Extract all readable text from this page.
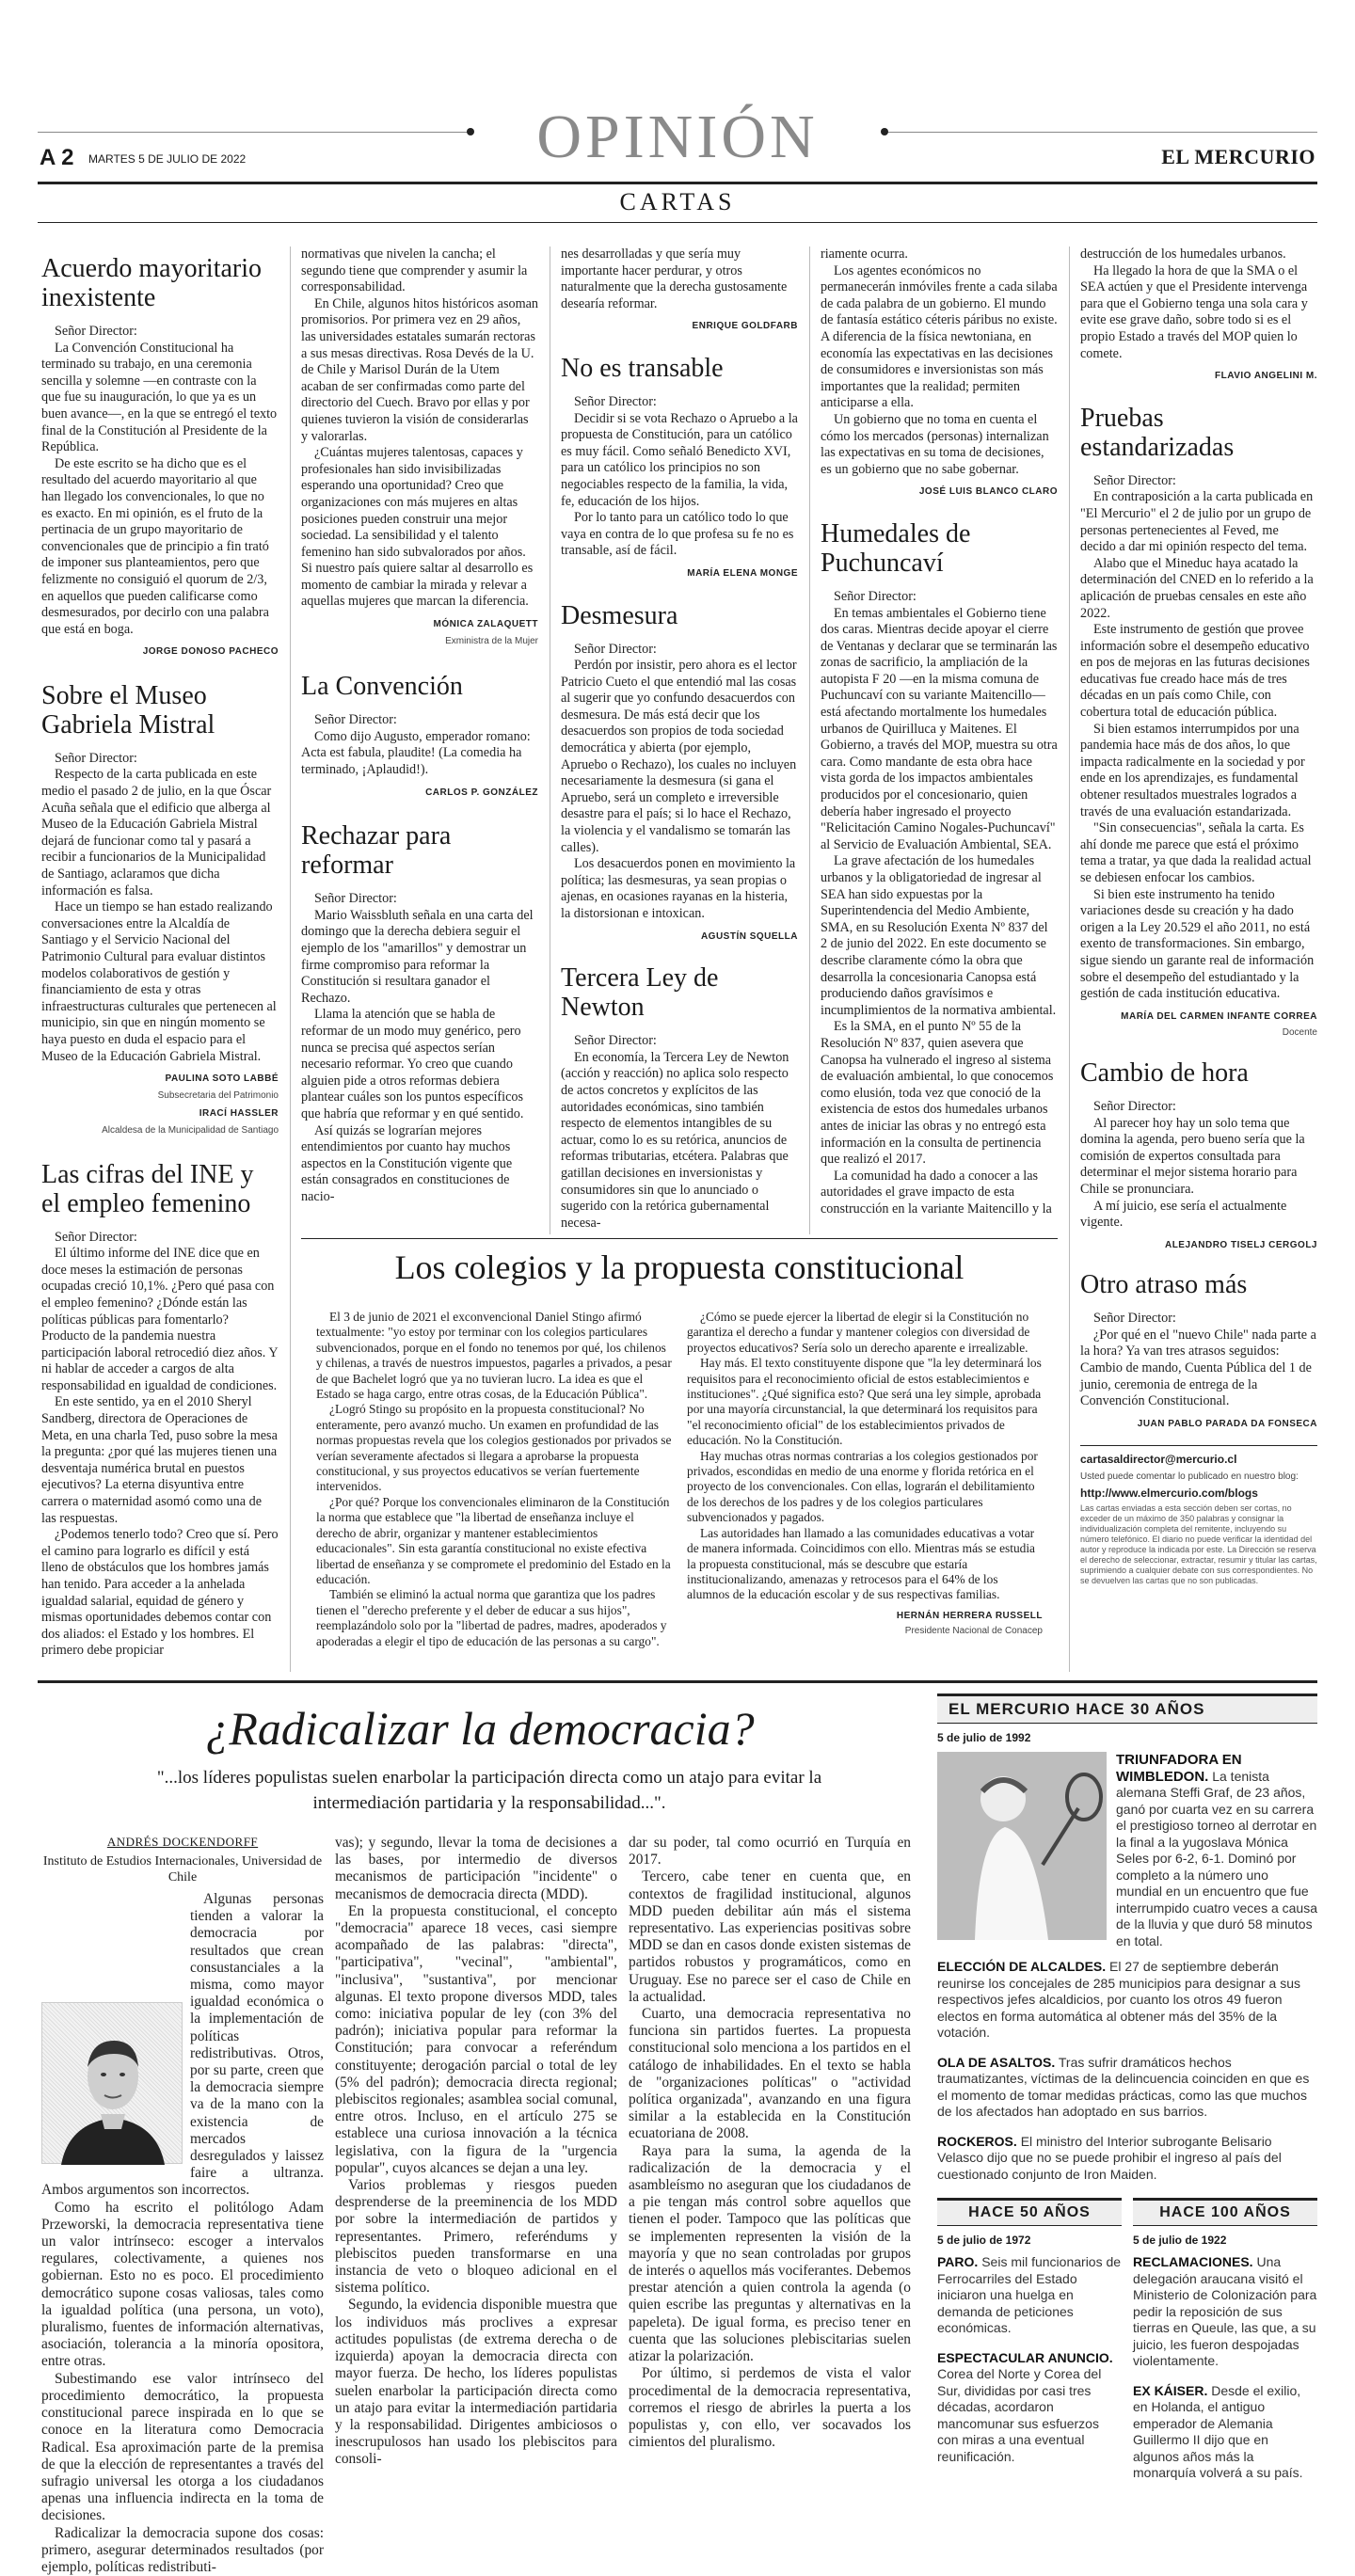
OPINIÓN
A 2 MARTES 5 DE JULIO DE 2022	EL MERCURIO
CARTAS
Acuerdo mayoritario inexistente

Señor Director:

La Convención Constitucional ha terminado su trabajo, en una ceremonia sencilla y solemne —en contraste con la que fue su inauguración, lo que ya es un buen avance—, en la que se entregó el texto final de la Constitución al Presidente de la República.

De este escrito se ha dicho que es el resultado del acuerdo mayoritario al que han llegado los convencionales, lo que no es exacto. En mi opinión, es el fruto de la pertinacia de un grupo mayoritario de convencionales que de principio a fin trató de imponer sus planteamientos, pero que felizmente no consiguió el quorum de 2/3, en aquellos que pueden calificarse como desmesurados, por decirlo con una palabra que está en boga.

JORGE DONOSO PACHECO
Sobre el Museo Gabriela Mistral

Señor Director:

Respecto de la carta publicada en este medio el pasado 2 de julio, en la que Óscar Acuña señala que el edificio que alberga al Museo de la Educación Gabriela Mistral dejará de funcionar como tal y pasará a recibir a funcionarios de la Municipalidad de Santiago, aclaramos que dicha información es falsa.

Hace un tiempo se han estado realizando conversaciones entre la Alcaldía de Santiago y el Servicio Nacional del Patrimonio Cultural para evaluar distintos modelos colaborativos de gestión y financiamiento de esta y otras infraestructuras culturales que pertenecen al municipio, sin que en ningún momento se haya puesto en duda el espacio para el Museo de la Educación Gabriela Mistral.

PAULINA SOTO LABBÉ
Subsecretaria del Patrimonio
IRACÍ HASSLER
Alcaldesa de la Municipalidad de Santiago
Las cifras del INE y el empleo femenino

Señor Director:

El último informe del INE dice que en doce meses la estimación de personas ocupadas creció 10,1%. ¿Pero qué pasa con el empleo femenino? ¿Dónde están las políticas públicas para fomentarlo? Producto de la pandemia nuestra participación laboral retrocedió diez años. Y ni hablar de acceder a cargos de alta responsabilidad en igualdad de condiciones.

En este sentido, ya en el 2010 Sheryl Sandberg, directora de Operaciones de Meta, en una charla Ted, puso sobre la mesa la pregunta: ¿por qué las mujeres tienen una desventaja numérica brutal en puestos ejecutivos? La eterna disyuntiva entre carrera o maternidad asomó como una de las respuestas.

¿Podemos tenerlo todo? Creo que sí. Pero el camino para lograrlo es difícil y está lleno de obstáculos que los hombres jamás han tenido. Para acceder a la anhelada igualdad salarial, equidad de género y mismas oportunidades debemos contar con dos aliados: el Estado y los hombres. El primero debe propiciar

normativas que nivelen la cancha; el segundo tiene que comprender y asumir la corresponsabilidad.

En Chile, algunos hitos históricos asoman promisorios. Por primera vez en 29 años, las universidades estatales sumarán rectoras a sus mesas directivas. Rosa Devés de la U. de Chile y Marisol Durán de la Utem acaban de ser confirmadas como parte del directorio del Cuech. Bravo por ellas y por quienes tuvieron la visión de considerarlas y valorarlas.

¿Cuántas mujeres talentosas, capaces y profesionales han sido invisibilizadas esperando una oportunidad? Creo que organizaciones con más mujeres en altas posiciones pueden construir una mejor sociedad. La sensibilidad y el talento femenino han sido subvalorados por años. Si nuestro país quiere saltar al desarrollo es momento de cambiar la mirada y relevar a aquellas mujeres que marcan la diferencia.

MÓNICA ZALAQUETT
Exministra de la Mujer
La Convención

Señor Director:

Como dijo Augusto, emperador romano: Acta est fabula, plaudite! (La comedia ha terminado, ¡Aplaudid!).

CARLOS P. GONZÁLEZ
Rechazar para reformar

Señor Director:

Mario Waissbluth señala en una carta del domingo que la derecha debiera seguir el ejemplo de los "amarillos" y demostrar un firme compromiso para reformar la Constitución si resultara ganador el Rechazo.

Llama la atención que se habla de reformar de un modo muy genérico, pero nunca se precisa qué aspectos serían necesario reformar. Yo creo que cuando alguien pide a otros reformas debiera plantear cuáles son los puntos específicos que habría que reformar y en qué sentido.

Así quizás se lograrían mejores entendimientos por cuanto hay muchos aspectos en la Constitución vigente que están consagrados en constituciones de nacio-

nes desarrolladas y que sería muy importante hacer perdurar, y otros naturalmente que la derecha gustosamente desearía reformar.

ENRIQUE GOLDFARB
No es transable

Señor Director:

Decidir si se vota Rechazo o Apruebo a la propuesta de Constitución, para un católico es muy fácil. Como señaló Benedicto XVI, para un católico los principios no son negociables respecto de la familia, la vida, fe, educación de los hijos.

Por lo tanto para un católico todo lo que vaya en contra de lo que profesa su fe no es transable, así de fácil.

MARÍA ELENA MONGE
Desmesura

Señor Director:

Perdón por insistir, pero ahora es el lector Patricio Cueto el que entendió mal las cosas al sugerir que yo confundo desacuerdos con desmesura. De más está decir que los desacuerdos son propios de toda sociedad democrática y abierta (por ejemplo, Apruebo o Rechazo), los cuales no incluyen necesariamente la desmesura (si gana el Apruebo, será un completo e irreversible desastre para el país; si lo hace el Rechazo, la violencia y el vandalismo se tomarán las calles).

Los desacuerdos ponen en movimiento la política; las desmesuras, ya sean propias o ajenas, en ocasiones rayanas en la histeria, la distorsionan e intoxican.

AGUSTÍN SQUELLA
Tercera Ley de Newton

Señor Director:

En economía, la Tercera Ley de Newton (acción y reacción) no aplica solo respecto de actos concretos y explícitos de las autoridades económicas, sino también respecto de elementos intangibles de su actuar, como lo es su retórica, anuncios de reformas tributarias, etcétera. Palabras que gatillan decisiones en inversionistas y consumidores sin que lo anunciado o sugerido con la retórica gubernamental necesa-

riamente ocurra.

Los agentes económicos no permanecerán inmóviles frente a cada silaba de cada palabra de un gobierno. El mundo de fantasía estático céteris páribus no existe. A diferencia de la física newtoniana, en economía las expectativas en las decisiones de consumidores e inversionistas son más importantes que la realidad; permiten anticiparse a ella.

Un gobierno que no toma en cuenta el cómo los mercados (personas) internalizan las expectativas en su toma de decisiones, es un gobierno que no sabe gobernar.

JOSÉ LUIS BLANCO CLARO
Humedales de Puchuncaví

Señor Director:

En temas ambientales el Gobierno tiene dos caras. Mientras decide apoyar el cierre de Ventanas y declarar que se terminarán las zonas de sacrificio, la ampliación de la autopista F 20 —en la misma comuna de Puchuncaví con su variante Maitencillo— está afectando mortalmente los humedales urbanos de Quirilluca y Maitenes. El Gobierno, a través del MOP, muestra su otra cara. Como mandante de esta obra hace vista gorda de los impactos ambientales producidos por el concesionario, quien debería haber ingresado el proyecto "Relicitación Camino Nogales-Puchuncaví" al Servicio de Evaluación Ambiental, SEA.

La grave afectación de los humedales urbanos y la obligatoriedad de ingresar al SEA han sido expuestas por la Superintendencia del Medio Ambiente, SMA, en su Resolución Exenta Nº 837 del 2 de junio del 2022. En este documento se describe claramente cómo la obra que desarrolla la concesionaria Canopsa está produciendo daños gravísimos e incumplimientos de la normativa ambiental.

Es la SMA, en el punto Nº 55 de la Resolución Nº 837, quien asevera que Canopsa ha vulnerado el ingreso al sistema de evaluación ambiental, lo que conocemos como elusión, toda vez que conoció de la existencia de estos dos humedales urbanos antes de iniciar las obras y no entregó esta información en la consulta de pertinencia que realizó el 2017.

La comunidad ha dado a conocer a las autoridades el grave impacto de esta construcción en la variante Maitencillo y la

destrucción de los humedales urbanos.

Ha llegado la hora de que la SMA o el SEA actúen y que el Presidente intervenga para que el Gobierno tenga una sola cara y evite ese grave daño, sobre todo si es el propio Estado a través del MOP quien lo comete.

FLAVIO ANGELINI M.
Pruebas estandarizadas

Señor Director:

En contraposición a la carta publicada en "El Mercurio" el 2 de julio por un grupo de personas pertenecientes al Feved, me decido a dar mi opinión respecto del tema.

Alabo que el Mineduc haya acatado la determinación del CNED en lo referido a la aplicación de pruebas censales en este año 2022.

Este instrumento de gestión que provee información sobre el desempeño educativo en pos de mejoras en las futuras decisiones educativas fue creado hace más de tres décadas en un país como Chile, con cobertura total de educación pública.

Si bien estamos interrumpidos por una pandemia hace más de dos años, lo que impacta radicalmente en la sociedad y por ende en los aprendizajes, es fundamental obtener resultados muestrales logrados a través de una evaluación estandarizada.

"Sin consecuencias", señala la carta. Es ahí donde me parece que está el próximo tema a tratar, ya que dada la realidad actual se debiesen enfocar los cambios.

Si bien este instrumento ha tenido variaciones desde su creación y ha dado origen a la Ley 20.529 el año 2011, no está exento de transformaciones. Sin embargo, sigue siendo un garante real de información sobre el desempeño del estudiantado y la gestión de cada institución educativa.

MARÍA DEL CARMEN INFANTE CORREA
Docente
Cambio de hora

Señor Director:

Al parecer hoy hay un solo tema que domina la agenda, pero bueno sería que la comisión de expertos consultada para determinar el mejor sistema horario para Chile se pronunciara.

A mí juicio, ese sería el actualmente vigente.

ALEJANDRO TISELJ CERGOLJ
Otro atraso más

Señor Director:

¿Por qué en el "nuevo Chile" nada parte a la hora? Ya van tres atrasos seguidos: Cambio de mando, Cuenta Pública del 1 de junio, ceremonia de entrega de la Convención Constitucional.

JUAN PABLO PARADA DA FONSECA
cartasaldirector@mercurio.cl
Usted puede comentar lo publicado en nuestro blog:
http://www.elmercurio.com/blogs
Las cartas enviadas a esta sección deben ser cortas, no exceder de un máximo de 350 palabras y consignar la individualización completa del remitente, incluyendo su número telefónico. El diario no puede verificar la identidad del autor y reproduce la indicada por este. La Dirección se reserva el derecho de seleccionar, extractar, resumir y titular las cartas, suprimiendo a cualquier debate con sus correspondientes. No se devuelven las cartas que no son publicadas.
Los colegios y la propuesta constitucional

El 3 de junio de 2021 el exconvencional Daniel Stingo afirmó textualmente: "yo estoy por terminar con los colegios particulares subvencionados, porque en el fondo no tenemos por qué, los chilenos y chilenas, a través de nuestros impuestos, pagarles a privados, a pesar de que Bachelet logró que ya no tuvieran lucro. La idea es que el Estado se haga cargo, entre otras cosas, de la Educación Pública".

¿Logró Stingo su propósito en la propuesta constitucional? No enteramente, pero avanzó mucho. Un examen en profundidad de las normas propuestas revela que los colegios gestionados por privados se verían severamente afectados si llegara a aprobarse la propuesta constitucional, y sus proyectos educativos se verían fuertemente intervenidos.

¿Por qué? Porque los convencionales eliminaron de la Constitución la norma que establece que "la libertad de enseñanza incluye el derecho de abrir, organizar y mantener establecimientos educacionales". Sin esta garantía constitucional no existe efectiva libertad de enseñanza y se compromete el predominio del Estado en la educación.

También se eliminó la actual norma que garantiza que los padres tienen el "derecho preferente y el deber de educar a sus hijos", reemplazándolo solo por la "libertad de padres, madres, apoderados y apoderadas a elegir el tipo de educación de las personas a su cargo".

¿Cómo se puede ejercer la libertad de elegir si la Constitución no garantiza el derecho a fundar y mantener colegios con diversidad de proyectos educativos? Sería solo un derecho aparente e irrealizable.

Hay más. El texto constituyente dispone que "la ley determinará los requisitos para el reconocimiento oficial de estos establecimientos e instituciones". ¿Qué significa esto? Que será una ley simple, aprobada por una mayoría circunstancial, la que determinará los requisitos para "el reconocimiento oficial" de los establecimientos privados de educación. No la Constitución.

Hay muchas otras normas contrarias a los colegios gestionados por privados, escondidas en medio de una enorme y florida retórica en el proyecto de los convencionales. Con ellas, lograrán el debilitamiento de los derechos de los padres y de los colegios particulares subvencionados y pagados.

Las autoridades han llamado a las comunidades educativas a votar de manera informada. Coincidimos con ello. Mientras más se estudia la propuesta constitucional, más se descubre que estaría institucionalizando, amenazas y retrocesos para el 64% de los alumnos de la educación escolar y de sus respectivas familias.

HERNÁN HERRERA RUSSELL
Presidente Nacional de Conacep
¿Radicalizar la democracia?
"...los líderes populistas suelen enarbolar la participación directa como un atajo para evitar la intermediación partidaria y la responsabilidad...".
ANDRÉS DOCKENDORFF
Instituto de Estudios Internacionales, Universidad de Chile

Algunas personas tienden a valorar la democracia por resultados que crean consustanciales a la misma, como mayor igualdad económica o la implementación de políticas redistributivas. Otros, por su parte, creen que la democracia siempre va de la mano con la existencia de mercados desregulados y laissez faire a ultranza. Ambos argumentos son incorrectos.

Como ha escrito el politólogo Adam Przeworski, la democracia representativa tiene un valor intrínseco: escoger a intervalos regulares, colectivamente, a quienes nos gobiernan. Esto no es poco. El procedimiento democrático supone cosas valiosas, tales como la igualdad política (una persona, un voto), pluralismo, fuentes de información alternativas, asociación, tolerancia a la minoría opositora, entre otras.

Subestimando ese valor intrínseco del procedimiento democrático, la propuesta constitucional parece inspirada en lo que se conoce en la literatura como Democracia Radical. Esa aproximación parte de la premisa de que la elección de representantes a través del sufragio universal les otorga a los ciudadanos apenas una influencia indirecta en la toma de decisiones.

Radicalizar la democracia supone dos cosas: primero, asegurar determinados resultados (por ejemplo, políticas redistributi-

vas); y segundo, llevar la toma de decisiones a las bases, por intermedio de diversos mecanismos de participación "incidente" o mecanismos de democracia directa (MDD).

En la propuesta constitucional, el concepto "democracia" aparece 18 veces, casi siempre acompañado de las palabras: "directa", "participativa", "vecinal", "ambiental", "inclusiva", "sustantiva", por mencionar algunas. El texto propone diversos MDD, tales como: iniciativa popular de ley (con 3% del padrón); iniciativa popular para reformar la Constitución; para convocar a referéndum constituyente; derogación parcial o total de ley (5% del padrón); democracia directa regional; plebiscitos regionales; asamblea social comunal, entre otros. Incluso, en el artículo 275 se establece una curiosa innovación a la técnica legislativa, con la figura de la "urgencia popular", cuyos alcances se dejan a una ley.

Varios problemas y riesgos pueden desprenderse de la preeminencia de los MDD por sobre la intermediación de partidos y representantes. Primero, referéndums y plebiscitos pueden transformarse en una instancia de veto o bloqueo adicional en el sistema político.

Segundo, la evidencia disponible muestra que los individuos más proclives a expresar actitudes populistas (de extrema derecha o de izquierda) apoyan la democracia directa con mayor fuerza. De hecho, los líderes populistas suelen enarbolar la participación directa como un atajo para evitar la intermediación partidaria y la responsabilidad. Dirigentes ambiciosos o inescrupulosos han usado los plebiscitos para consoli-

dar su poder, tal como ocurrió en Turquía en 2017.

Tercero, cabe tener en cuenta que, en contextos de fragilidad institucional, algunos MDD pueden debilitar aún más el sistema representativo. Las experiencias positivas sobre MDD se dan en casos donde existen sistemas de partidos robustos y programáticos, como en Uruguay. Ese no parece ser el caso de Chile en la actualidad.

Cuarto, una democracia representativa no funciona sin partidos fuertes. La propuesta constitucional solo menciona a los partidos en el catálogo de inhabilidades. En el texto se habla de "organizaciones políticas" o "actividad política organizada", avanzando en una figura similar a la establecida en la Constitución ecuatoriana de 2008.

Raya para la suma, la agenda de la radicalización de la democracia y el asambleísmo no aseguran que los ciudadanos de a pie tengan más control sobre aquellos que tienen el poder. Tampoco que las políticas que se implementen representen la visión de la mayoría y que no sean controladas por grupos de interés o aquellos más vociferantes. Debemos prestar atención a quien controla la agenda (o quien escribe las preguntas y alternativas en la papeleta). De igual forma, es preciso tener en cuenta que las soluciones plebiscitarias suelen atizar la polarización.

Por último, si perdemos de vista el valor procedimental de la democracia representativa, corremos el riesgo de abrirles la puerta a los populistas y, con ello, ver socavados los cimientos del pluralismo.

EL MERCURIO HACE 30 AÑOS
5 de julio de 1992
TRIUNFADORA EN WIMBLEDON. La tenista alemana Steffi Graf, de 23 años, ganó por cuarta vez en su carrera el prestigioso torneo al derrotar en la final a la yugoslava Mónica Seles por 6-2, 6-1. Dominó por completo a la número uno mundial en un encuentro que fue interrumpido cuatro veces a causa de la lluvia y que duró 58 minutos en total.
ELECCIÓN DE ALCALDES. El 27 de septiembre deberán reunirse los concejales de 285 municipios para designar a sus respectivos jefes alcaldicios, por cuanto los otros 49 fueron electos en forma automática al obtener más del 35% de la votación.
OLA DE ASALTOS. Tras sufrir dramáticos hechos traumatizantes, víctimas de la delincuencia coinciden en que es el momento de tomar medidas prácticas, como las que muchos de los afectados han adoptado en sus barrios.
ROCKEROS. El ministro del Interior subrogante Belisario Velasco dijo que no se puede prohibir el ingreso al país del cuestionado conjunto de Iron Maiden.
HACE 50 AÑOS
5 de julio de 1972
PARO. Seis mil funcionarios de Ferrocarriles del Estado iniciaron una huelga en demanda de peticiones económicas.
ESPECTACULAR ANUNCIO. Corea del Norte y Corea del Sur, divididas por casi tres décadas, acordaron mancomunar sus esfuerzos con miras a una eventual reunificación.
HACE 100 AÑOS
5 de julio de 1922
RECLAMACIONES. Una delegación araucana visitó el Ministerio de Colonización para pedir la reposición de sus tierras en Queule, las que, a su juicio, les fueron despojadas violentamente.
EX KÁISER. Desde el exilio, en Holanda, el antiguo emperador de Alemania Guillermo II dijo que en algunos años más la monarquía volverá a su país.
